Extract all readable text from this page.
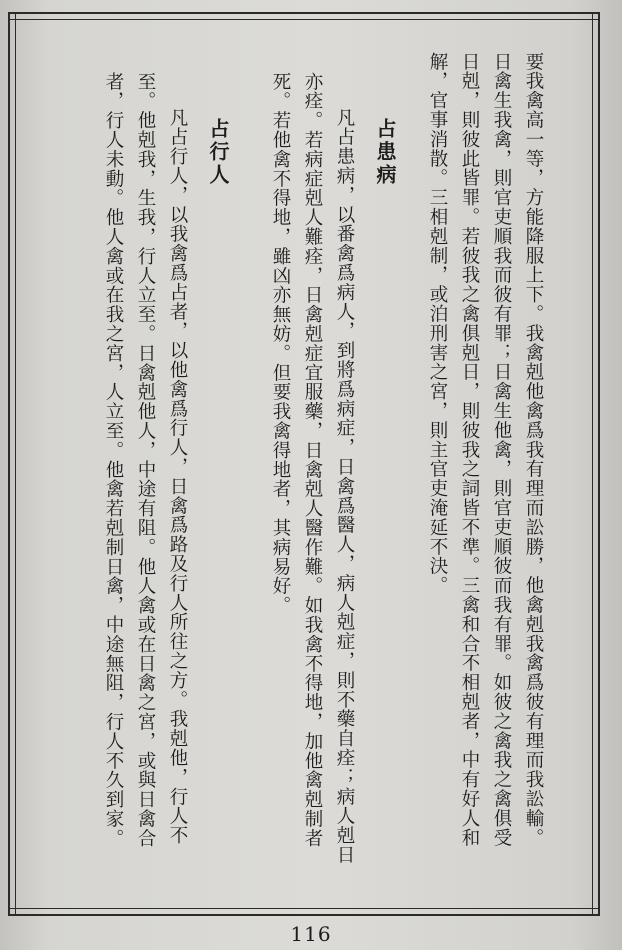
要我禽高一等，方能降服上下。我禽剋他禽爲我有理而訟勝，他禽剋我禽爲彼有理而我訟輸。
日禽生我禽，則官吏順我而彼有罪；日禽生他禽，則官吏順彼而我有罪。如彼之禽我之禽俱受
日剋，則彼此皆罪。若彼我之禽俱剋日，則彼我之詞皆不準。三禽和合不相剋者，中有好人和
解，官事消散。三相剋制，或泊刑害之宮，則主官吏淹延不決。
占患病
凡占患病，以番禽爲病人，到將爲病症，日禽爲醫人，病人剋症，則不藥自痊；病人剋日
亦痊。若病症剋人難痊，日禽剋症宜服藥，日禽剋人醫作難。如我禽不得地，加他禽剋制者
死。若他禽不得地，雖凶亦無妨。但要我禽得地者，其病易好。
占行人
凡占行人，以我禽爲占者，以他禽爲行人，日禽爲路及行人所往之方。我剋他，行人不
至。他剋我，生我，行人立至。日禽剋他人，中途有阻。他人禽或在日禽之宮，或與日禽合
者，行人未動。他人禽或在我之宮，人立至。他禽若剋制日禽，中途無阻，行人不久到家。
116
